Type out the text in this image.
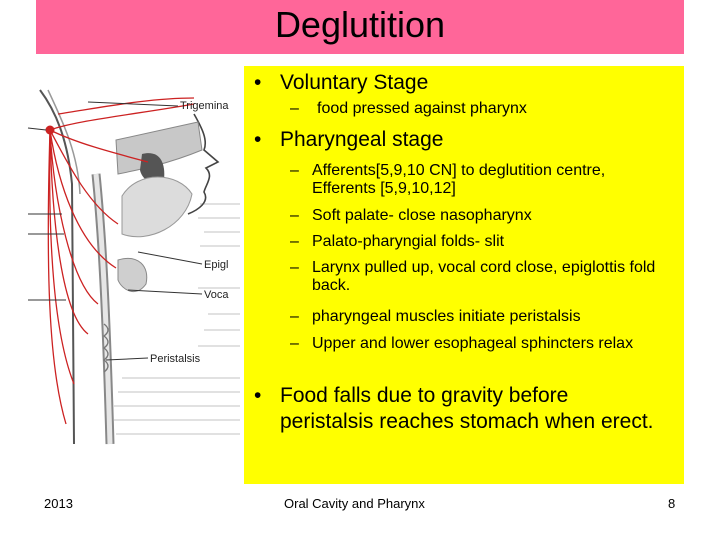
Deglutition
Trigemina
Epigl
Voca
Peristalsis
• Voluntary Stage
–	food pressed against pharynx
• Pharyngeal stage
– Afferents[5,9,10 CN] to deglutition centre, Efferents [5,9,10,12]
– Soft palate- close nasopharynx
– Palato-pharyngial folds- slit
– Larynx pulled up, vocal cord close, epiglottis fold back.
– pharyngeal muscles initiate peristalsis
– Upper and lower esophageal sphincters relax
• Food falls due to gravity before peristalsis reaches stomach when erect.
2013	Oral Cavity and Pharynx	8
